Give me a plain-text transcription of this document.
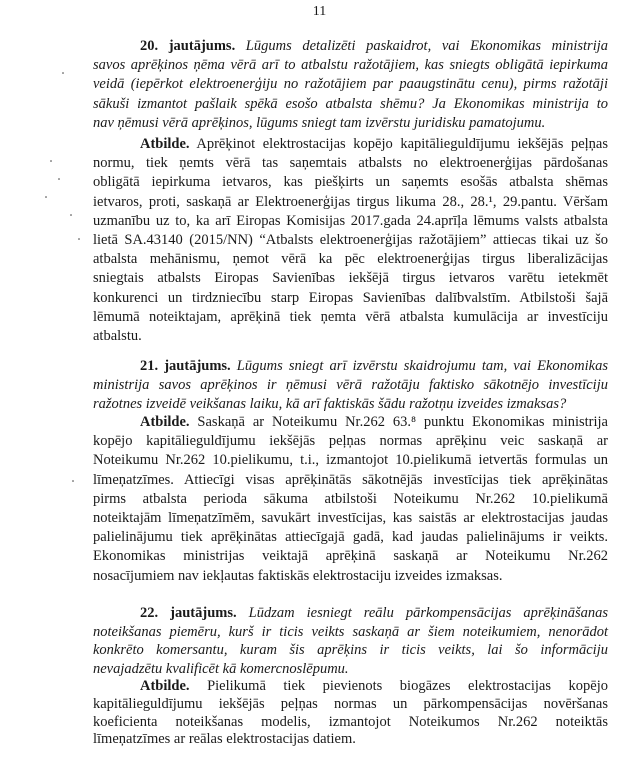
11
20. jautājums. Lūgums detalizēti paskaidrot, vai Ekonomikas ministrija
savos aprēķinos ņēma vērā arī to atbalstu ražotājiem, kas sniegts obligātā iepirkuma
veidā (iepērkot elektroenerģiju no ražotājiem par paaugstinātu cenu), pirms ražotāji
sākuši izmantot pašlaik spēkā esošo atbalsta shēmu? Ja Ekonomikas ministrija to
nav ņēmusi vērā aprēķinos, lūgums sniegt tam izvērstu juridisku pamatojumu.
Atbilde. Aprēķinot elektrostacijas kopējo kapitālieguldījumu iekšējās peļņas
normu, tiek ņemts vērā tas saņemtais atbalsts no elektroenerģijas pārdošanas
obligātā iepirkuma ietvaros, kas piešķirts un saņemts esošās atbalsta shēmas
ietvaros, proti, saskaņā ar Elektroenerģijas tirgus likuma 28., 28.¹, 29.pantu. Vēršam
uzmanību uz to, ka arī Eiropas Komisijas 2017.gada 24.aprīļa lēmums valsts atbalsta
lietā SA.43140 (2015/NN) “Atbalsts elektroenerģijas ražotājiem” attiecas tikai uz šo
atbalsta mehānismu, ņemot vērā ka pēc elektroenerģijas tirgus liberalizācijas
sniegtais atbalsts Eiropas Savienības iekšējā tirgus ietvaros varētu ietekmēt
konkurenci un tirdzniecību starp Eiropas Savienības dalībvalstīm. Atbilstoši šajā
lēmumā noteiktajam, aprēķinā tiek ņemta vērā atbalsta kumulācija ar investīciju
atbalstu.
21. jautājums. Lūgums sniegt arī izvērstu skaidrojumu tam, vai Ekonomikas
ministrija savos aprēķinos ir ņēmusi vērā ražotāju faktisko sākotnējo investīciju
ražotnes izveidē veikšanas laiku, kā arī faktiskās šādu ražotņu izveides izmaksas?
Atbilde. Saskaņā ar Noteikumu Nr.262 63.⁸ punktu Ekonomikas ministrija
kopējo kapitālieguldījumu iekšējās peļņas normas aprēķinu veic saskaņā ar
Noteikumu Nr.262 10.pielikumu, t.i., izmantojot 10.pielikumā ietvertās formulas un
līmeņatzīmes. Attiecīgi visas aprēķinātās sākotnējās investīcijas tiek aprēķinātas
pirms atbalsta perioda sākuma atbilstoši Noteikumu Nr.262 10.pielikumā
noteiktajām līmeņatzīmēm, savukārt investīcijas, kas saistās ar elektrostacijas jaudas
palielinājumu tiek aprēķinātas attiecīgajā gadā, kad jaudas palielinājums ir veikts.
Ekonomikas ministrijas veiktajā aprēķinā saskaņā ar Noteikumu Nr.262
nosacījumiem nav iekļautas faktiskās elektrostaciju izveides izmaksas.
22. jautājums. Lūdzam iesniegt reālu pārkompensācijas aprēķināšanas
noteikšanas piemēru, kurš ir ticis veikts saskaņā ar šiem noteikumiem, nenorādot
konkrēto komersantu, kuram šis aprēķins ir ticis veikts, lai šo informāciju
nevajadzētu kvalificēt kā komercnoslēpumu.
Atbilde. Pielikumā tiek pievienots biogāzes elektrostacijas kopējo
kapitālieguldījumu iekšējās peļņas normas un pārkompensācijas novēršanas
koeficienta noteikšanas modelis, izmantojot Noteikumos Nr.262 noteiktās
līmeņatzīmes ar reālas elektrostacijas datiem.
